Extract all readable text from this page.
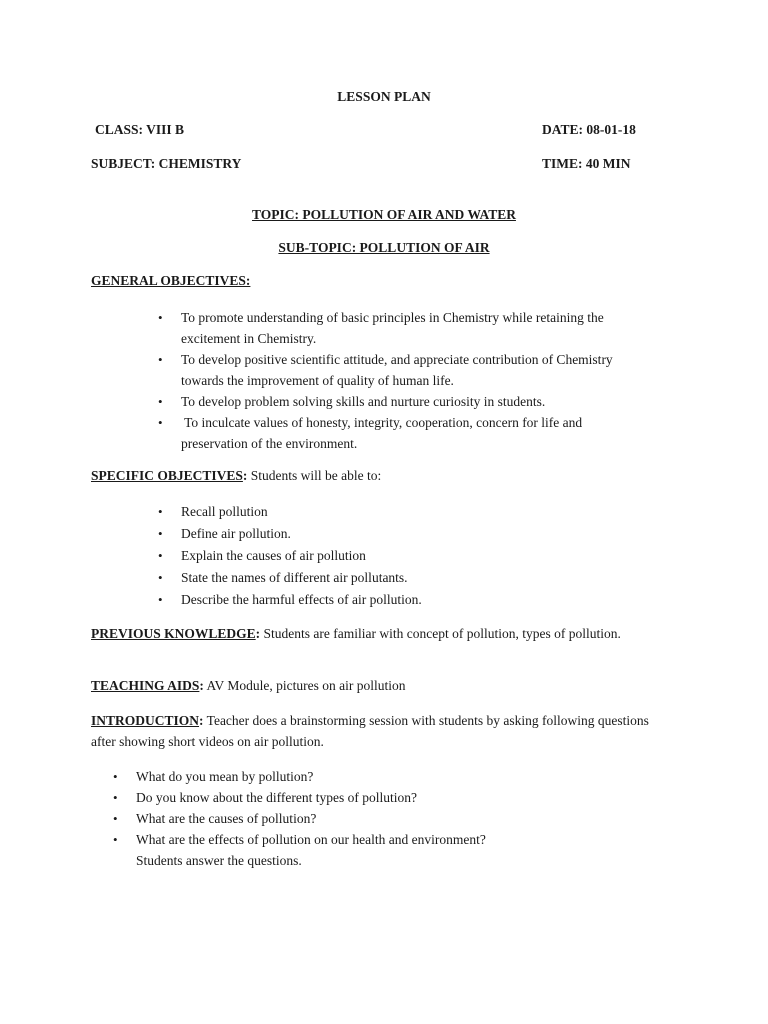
LESSON PLAN
CLASS: VIII B	DATE: 08-01-18
SUBJECT: CHEMISTRY	TIME: 40 MIN
TOPIC: POLLUTION OF AIR AND WATER
SUB-TOPIC: POLLUTION OF AIR
GENERAL OBJECTIVES:
• To promote understanding of basic principles in Chemistry while retaining the
excitement in Chemistry.
• To develop positive scientific attitude, and appreciate contribution of Chemistry
towards the improvement of quality of human life.
• To develop problem solving skills and nurture curiosity in students.
•  To inculcate values of honesty, integrity, cooperation, concern for life and
preservation of the environment.
SPECIFIC OBJECTIVES: Students will be able to:
• Recall pollution
• Define air pollution.
• Explain the causes of air pollution
• State the names of different air pollutants.
• Describe the harmful effects of air pollution.
PREVIOUS KNOWLEDGE: Students are familiar with concept of pollution, types of pollution.
TEACHING AIDS: AV Module, pictures on air pollution
INTRODUCTION: Teacher does a brainstorming session with students by asking following questions after showing short videos on air pollution.
• What do you mean by pollution?
• Do you know about the different types of pollution?
• What are the causes of pollution?
• What are the effects of pollution on our health and environment?
Students answer the questions.
